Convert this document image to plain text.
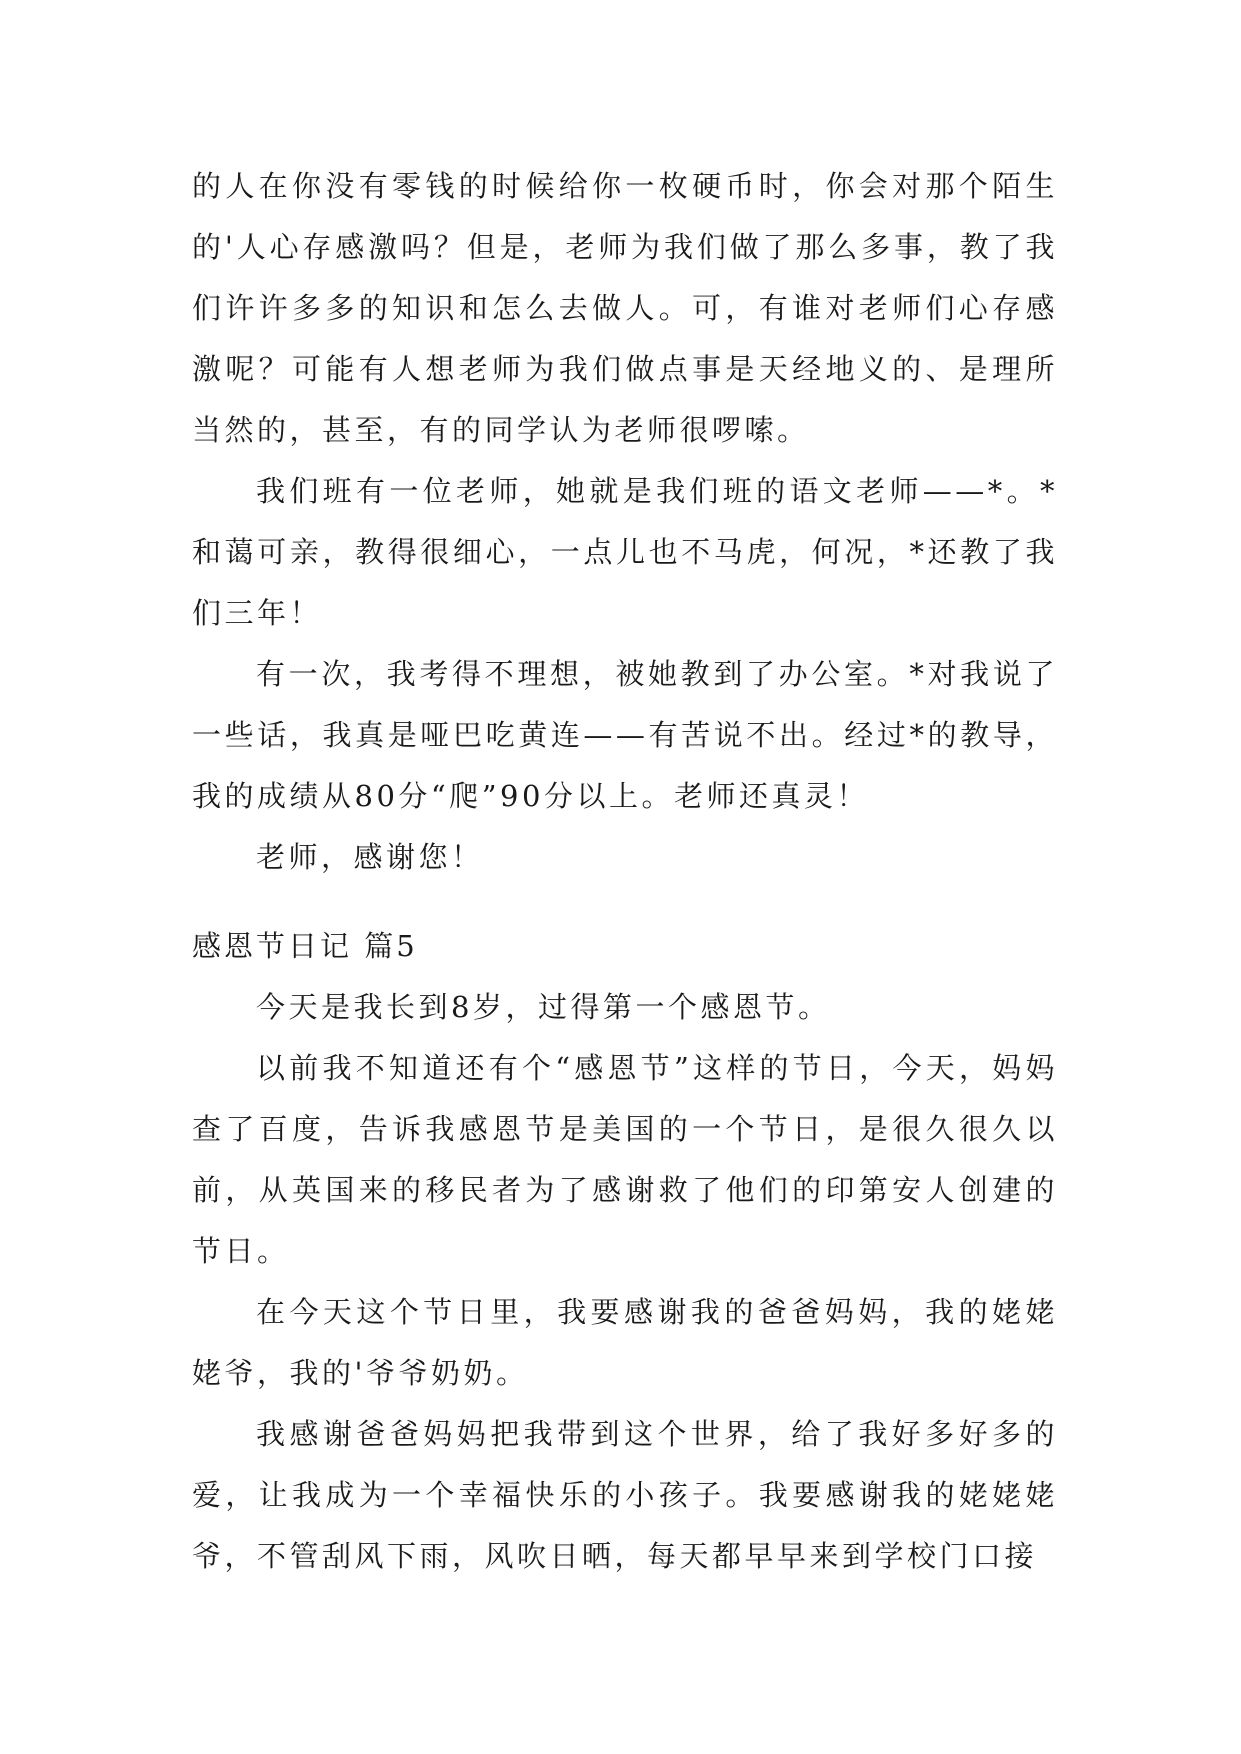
的人在你没有零钱的时候给你一枚硬币时，你会对那个陌生的'人心存感激吗？但是，老师为我们做了那么多事，教了我们许许多多的知识和怎么去做人。可，有谁对老师们心存感激呢？可能有人想老师为我们做点事是天经地义的、是理所当然的，甚至，有的同学认为老师很啰嗦。

我们班有一位老师，她就是我们班的语文老师——*。*和蔼可亲，教得很细心，一点儿也不马虎，何况，*还教了我们三年！

有一次，我考得不理想，被她教到了办公室。*对我说了一些话，我真是哑巴吃黄连——有苦说不出。经过*的教导，我的成绩从80分“爬”90分以上。老师还真灵！

老师，感谢您！

感恩节日记 篇5

今天是我长到8岁，过得第一个感恩节。

以前我不知道还有个“感恩节”这样的节日，今天，妈妈查了百度，告诉我感恩节是美国的一个节日，是很久很久以前，从英国来的移民者为了感谢救了他们的印第安人创建的节日。

在今天这个节日里，我要感谢我的爸爸妈妈，我的姥姥姥爷，我的'爷爷奶奶。

我感谢爸爸妈妈把我带到这个世界，给了我好多好多的爱，让我成为一个幸福快乐的小孩子。我要感谢我的姥姥姥爷，不管刮风下雨，风吹日晒，每天都早早来到学校门口接
